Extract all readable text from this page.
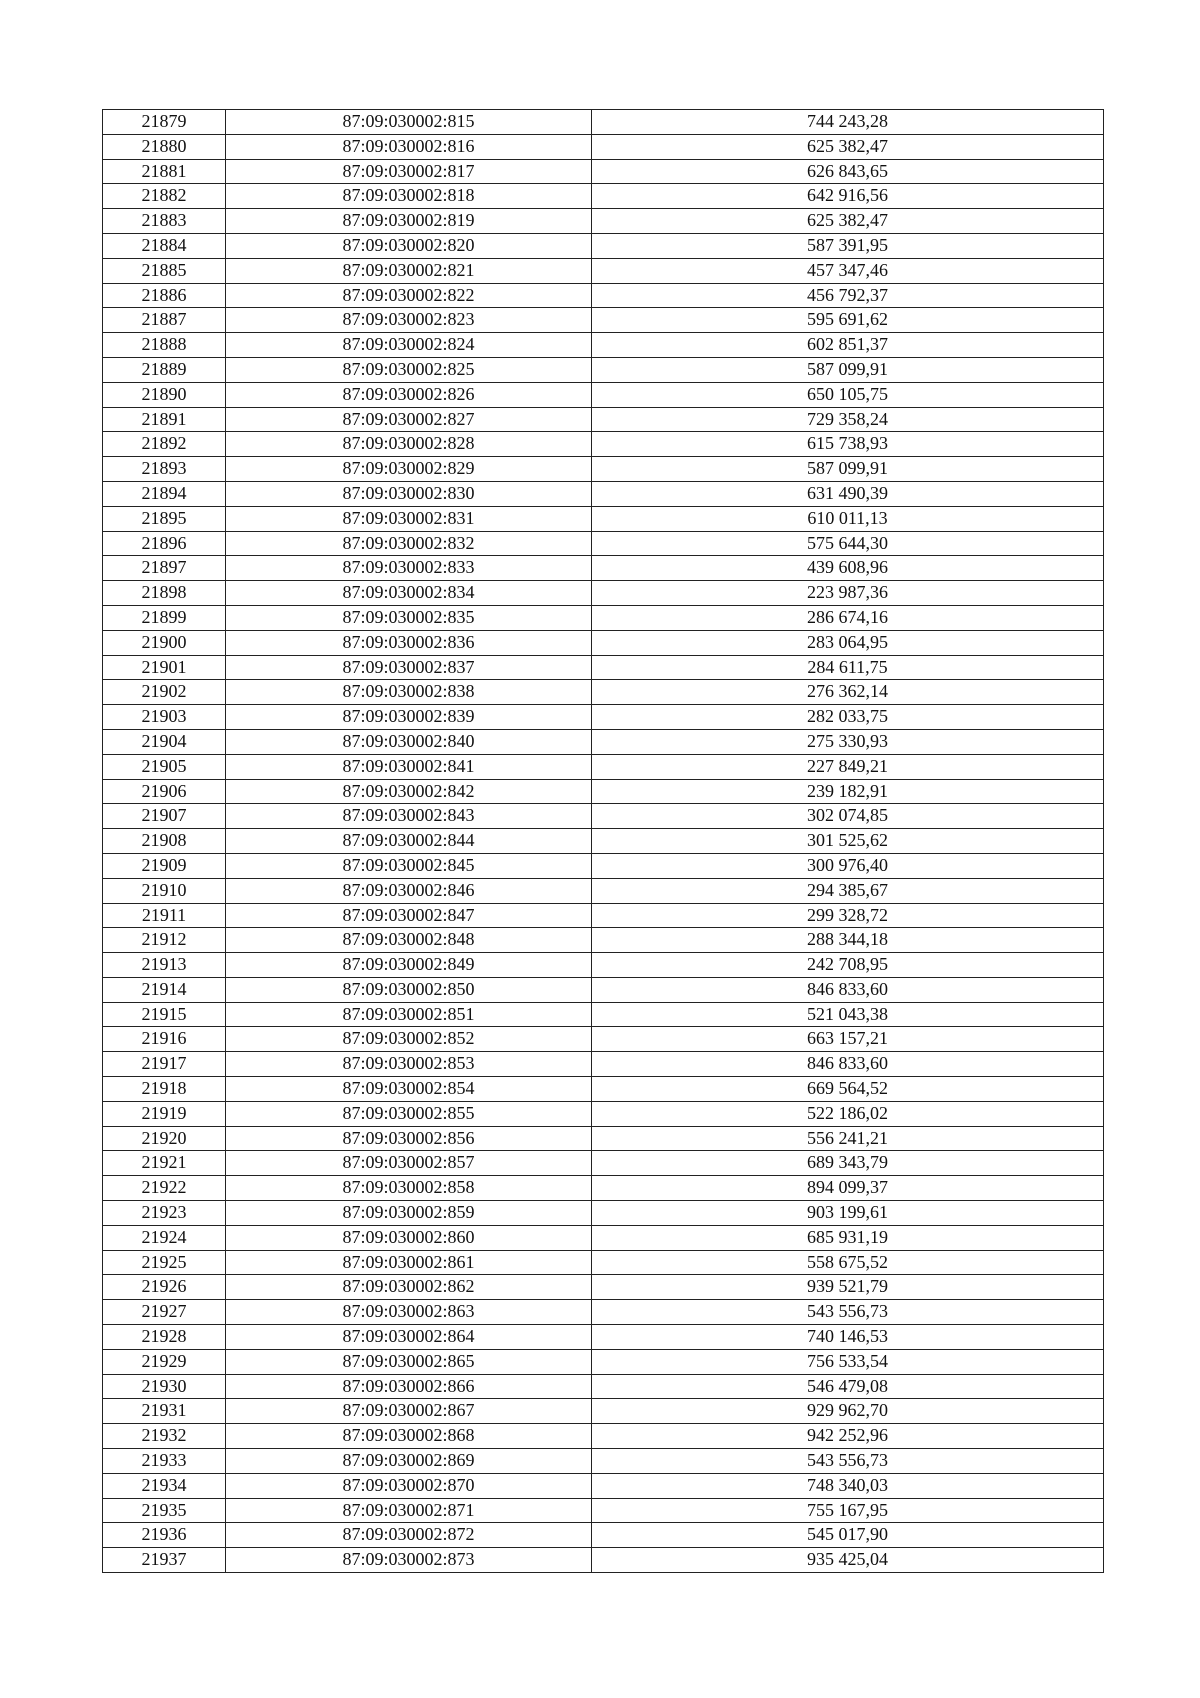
21879	87:09:030002:815	744 243,28
21880	87:09:030002:816	625 382,47
21881	87:09:030002:817	626 843,65
21882	87:09:030002:818	642 916,56
21883	87:09:030002:819	625 382,47
21884	87:09:030002:820	587 391,95
21885	87:09:030002:821	457 347,46
21886	87:09:030002:822	456 792,37
21887	87:09:030002:823	595 691,62
21888	87:09:030002:824	602 851,37
21889	87:09:030002:825	587 099,91
21890	87:09:030002:826	650 105,75
21891	87:09:030002:827	729 358,24
21892	87:09:030002:828	615 738,93
21893	87:09:030002:829	587 099,91
21894	87:09:030002:830	631 490,39
21895	87:09:030002:831	610 011,13
21896	87:09:030002:832	575 644,30
21897	87:09:030002:833	439 608,96
21898	87:09:030002:834	223 987,36
21899	87:09:030002:835	286 674,16
21900	87:09:030002:836	283 064,95
21901	87:09:030002:837	284 611,75
21902	87:09:030002:838	276 362,14
21903	87:09:030002:839	282 033,75
21904	87:09:030002:840	275 330,93
21905	87:09:030002:841	227 849,21
21906	87:09:030002:842	239 182,91
21907	87:09:030002:843	302 074,85
21908	87:09:030002:844	301 525,62
21909	87:09:030002:845	300 976,40
21910	87:09:030002:846	294 385,67
21911	87:09:030002:847	299 328,72
21912	87:09:030002:848	288 344,18
21913	87:09:030002:849	242 708,95
21914	87:09:030002:850	846 833,60
21915	87:09:030002:851	521 043,38
21916	87:09:030002:852	663 157,21
21917	87:09:030002:853	846 833,60
21918	87:09:030002:854	669 564,52
21919	87:09:030002:855	522 186,02
21920	87:09:030002:856	556 241,21
21921	87:09:030002:857	689 343,79
21922	87:09:030002:858	894 099,37
21923	87:09:030002:859	903 199,61
21924	87:09:030002:860	685 931,19
21925	87:09:030002:861	558 675,52
21926	87:09:030002:862	939 521,79
21927	87:09:030002:863	543 556,73
21928	87:09:030002:864	740 146,53
21929	87:09:030002:865	756 533,54
21930	87:09:030002:866	546 479,08
21931	87:09:030002:867	929 962,70
21932	87:09:030002:868	942 252,96
21933	87:09:030002:869	543 556,73
21934	87:09:030002:870	748 340,03
21935	87:09:030002:871	755 167,95
21936	87:09:030002:872	545 017,90
21937	87:09:030002:873	935 425,04
